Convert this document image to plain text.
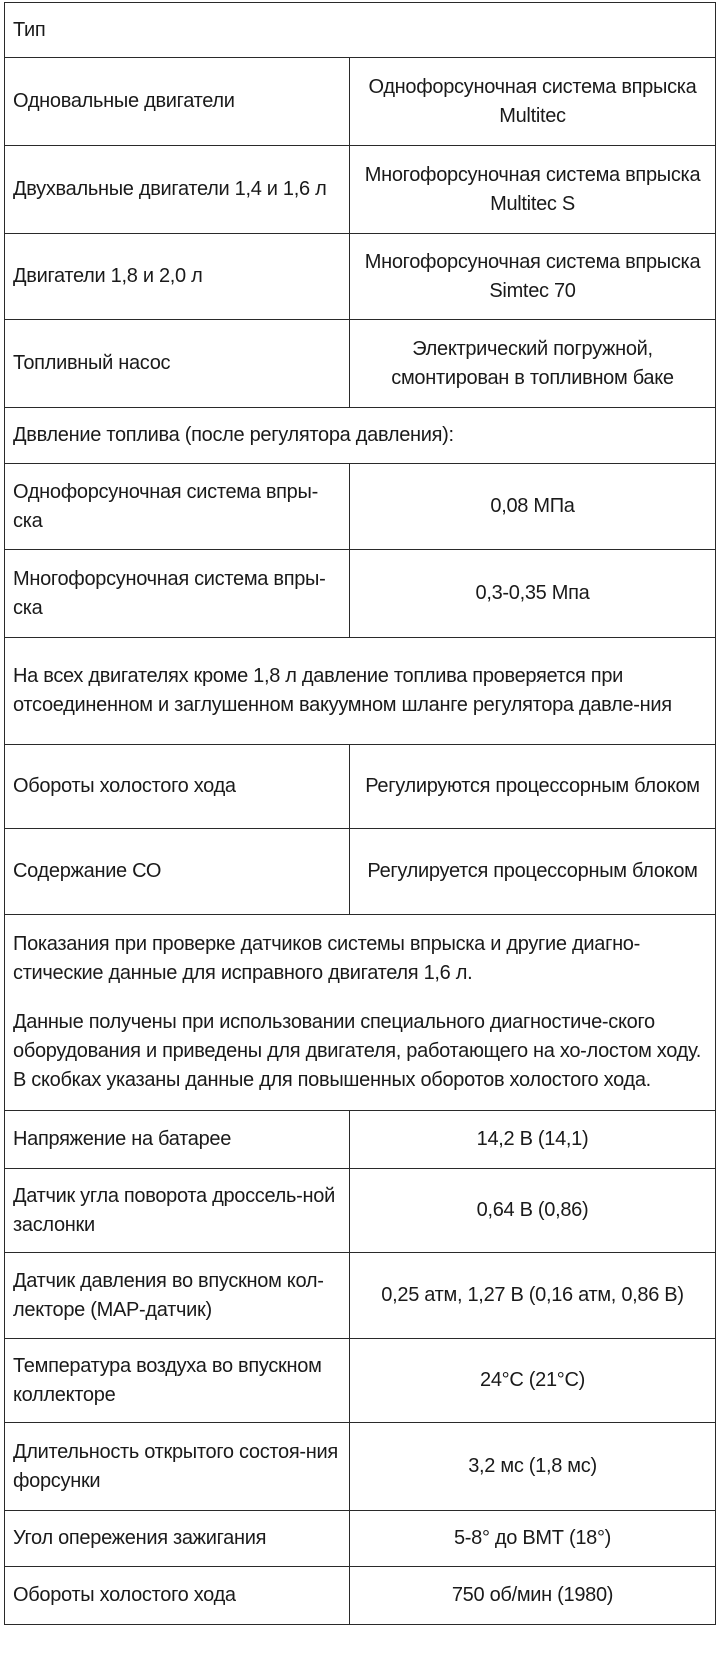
Тип	
Одновальные двигатели	Однофорсуночная система впрыска Multitec
Двухвальные двигатели 1,4 и 1,6 л	Многофорсуночная система впрыска Multitec S
Двигатели 1,8 и 2,0 л	Многофорсуночная система впрыска Simtec 70
Топливный насос	Электрический погружной, смонтирован в топливном баке
Дввление топлива (после регулятора давления):	
Однофорсуночная система впры-ска	0,08 МПа
Многофорсуночная система впры-ска	0,3-0,35 Мпа
На всех двигателях кроме 1,8 л давление топлива проверяется при отсоединенном и заглушенном вакуумном шланге регулятора давле-ния	
Обороты холостого хода	Регулируются процессорным блоком
Содержание СО	Регулируется процессорным блоком

Показания при проверке датчиков системы впрыска и другие диагно-стические данные для исправного двигателя 1,6 л.

Данные получены при использовании специального диагностиче-ского оборудования и приведены для двигателя, работающего на хо-лостом ходу. В скобках указаны данные для повышенных оборотов холостого хода.	

Напряжение на батарее	14,2 В (14,1)
Датчик угла поворота дроссель-ной заслонки	0,64 В (0,86)
Датчик давления во впускном кол-лекторе (МАР-датчик)	0,25 атм, 1,27 В (0,16 атм, 0,86 В)
Температура воздуха во впускном коллекторе	24°С (21°С)
Длительность открытого состоя-ния форсунки	3,2 мс (1,8 мс)
Угол опережения зажигания	5-8° до ВМТ (18°)
Обороты холостого хода	750 об/мин (1980)
